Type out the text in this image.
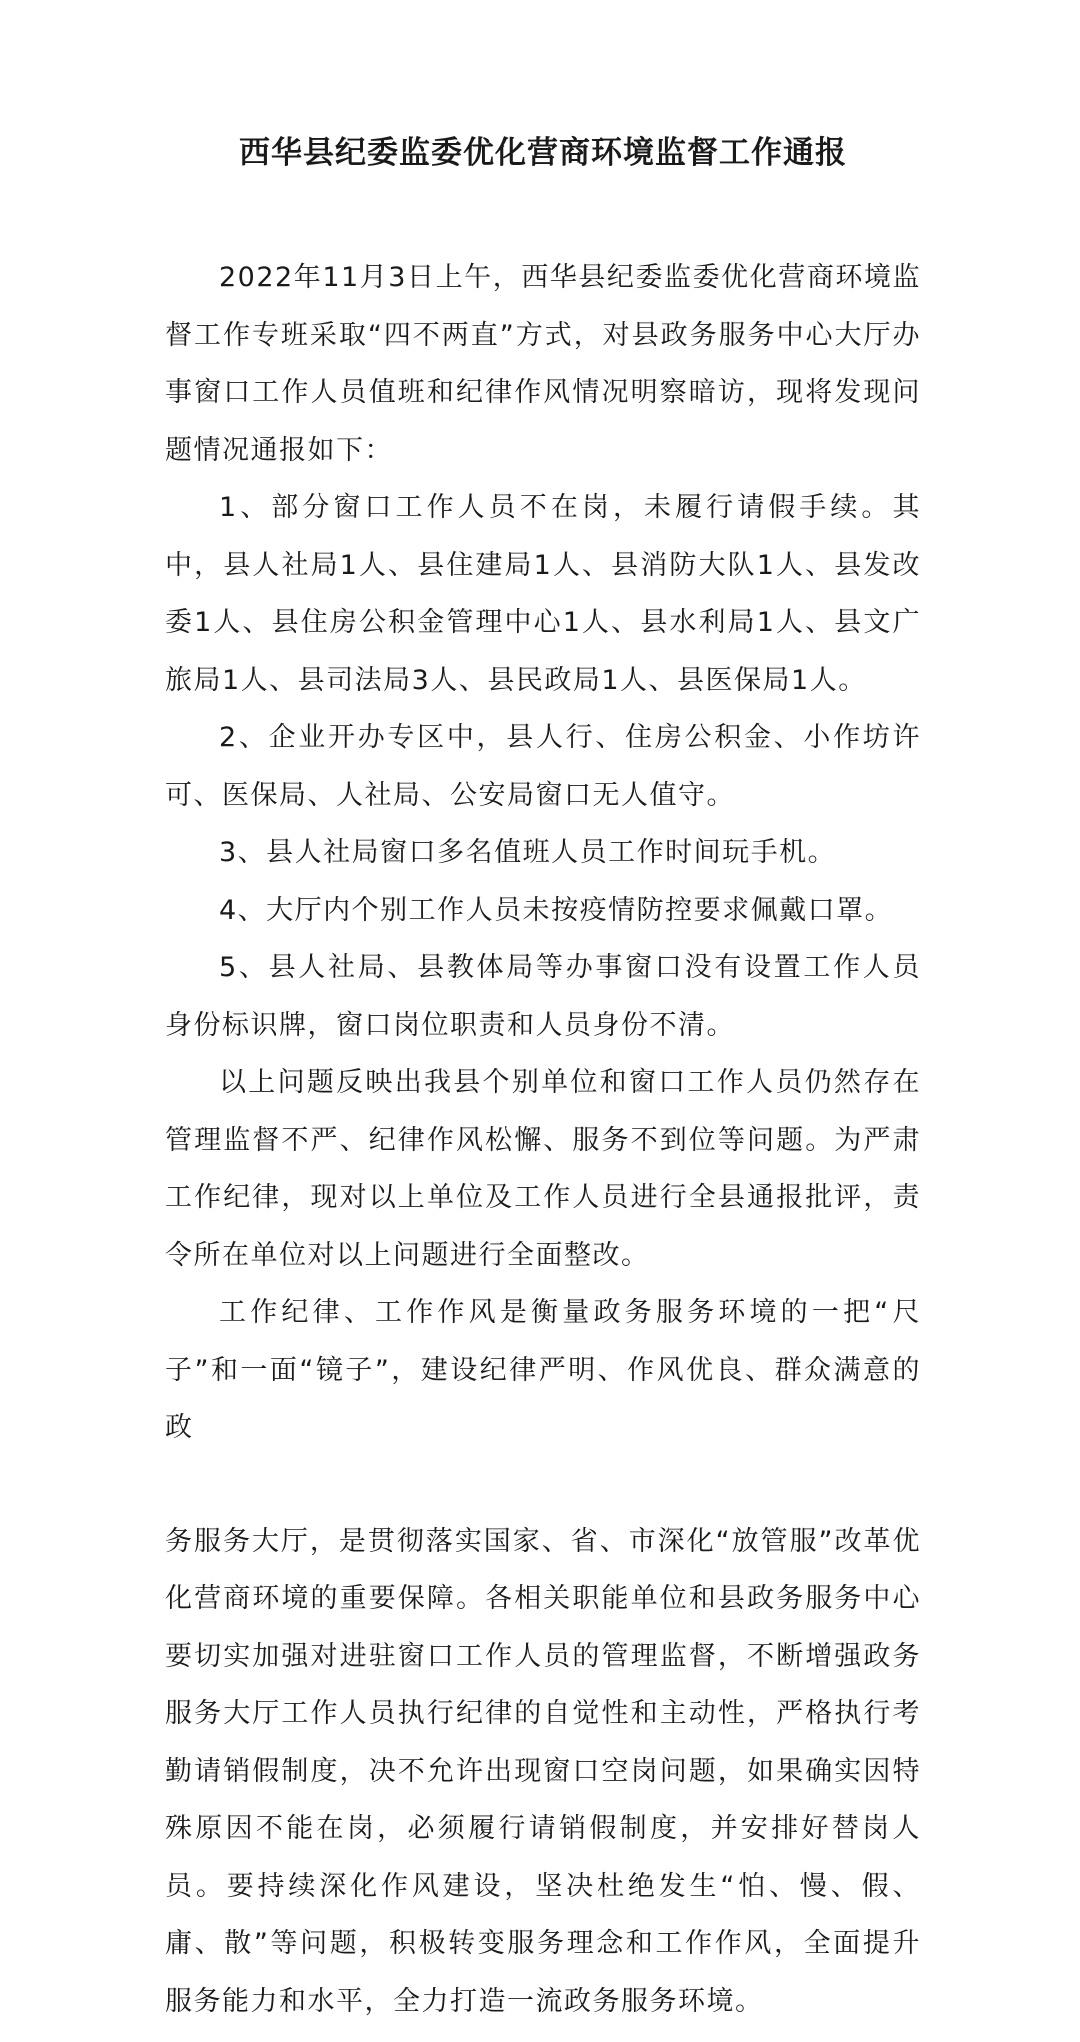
西华县纪委监委优化营商环境监督工作通报

2022年11月3日上午，西华县纪委监委优化营商环境监督工作专班采取“四不两直”方式，对县政务服务中心大厅办事窗口工作人员值班和纪律作风情况明察暗访，现将发现问题情况通报如下：

1、部分窗口工作人员不在岗，未履行请假手续。其中，县人社局1人、县住建局1人、县消防大队1人、县发改委1人、县住房公积金管理中心1人、县水利局1人、县文广旅局1人、县司法局3人、县民政局1人、县医保局1人。

2、企业开办专区中，县人行、住房公积金、小作坊许可、医保局、人社局、公安局窗口无人值守。

3、县人社局窗口多名值班人员工作时间玩手机。

4、大厅内个别工作人员未按疫情防控要求佩戴口罩。

5、县人社局、县教体局等办事窗口没有设置工作人员身份标识牌，窗口岗位职责和人员身份不清。

以上问题反映出我县个别单位和窗口工作人员仍然存在管理监督不严、纪律作风松懈、服务不到位等问题。为严肃工作纪律，现对以上单位及工作人员进行全县通报批评，责令所在单位对以上问题进行全面整改。

工作纪律、工作作风是衡量政务服务环境的一把“尺子”和一面“镜子”，建设纪律严明、作风优良、群众满意的政

务服务大厅，是贯彻落实国家、省、市深化“放管服”改革优化营商环境的重要保障。各相关职能单位和县政务服务中心要切实加强对进驻窗口工作人员的管理监督，不断增强政务服务大厅工作人员执行纪律的自觉性和主动性，严格执行考勤请销假制度，决不允许出现窗口空岗问题，如果确实因特殊原因不能在岗，必须履行请销假制度，并安排好替岗人员。要持续深化作风建设，坚决杜绝发生“怕、慢、假、庸、散”等问题，积极转变服务理念和工作作风，全面提升服务能力和水平，全力打造一流政务服务环境。
